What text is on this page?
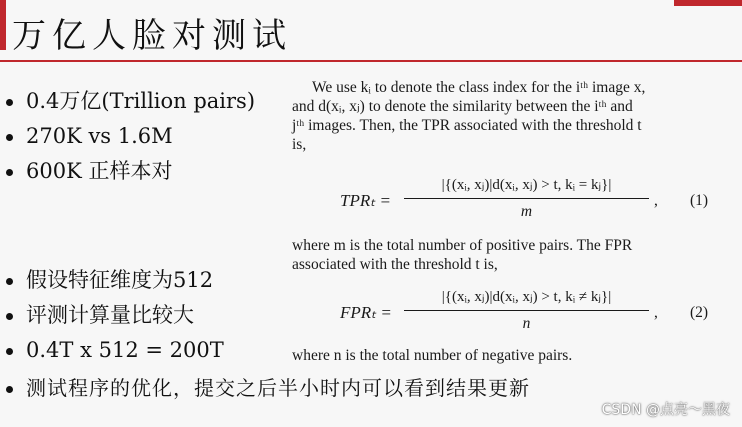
万亿人脸对测试
0.4万亿(Trillion pairs)
270K vs 1.6M
600K 正样本对
假设特征维度为512
评测计算量比较大
0.4T x 512 = 200T
测试程序的优化，提交之后半小时内可以看到结果更新

We use kᵢ to denote the class index for the iᵗʰ image x,

and d(xᵢ, xⱼ) to denote the similarity between the iᵗʰ and

jᵗʰ images. Then, the TPR associated with the threshold t

is,

TPRₜ =
|{(xᵢ, xⱼ)|d(xᵢ, xⱼ) > t, kᵢ = kⱼ}|
m
, (1)

where m is the total number of positive pairs. The FPR

associated with the threshold t is,

FPRₜ =
|{(xᵢ, xⱼ)|d(xᵢ, xⱼ) > t, kᵢ ≠ kⱼ}|
n
, (2)

where n is the total number of negative pairs.

CSDN @点亮～黑夜
